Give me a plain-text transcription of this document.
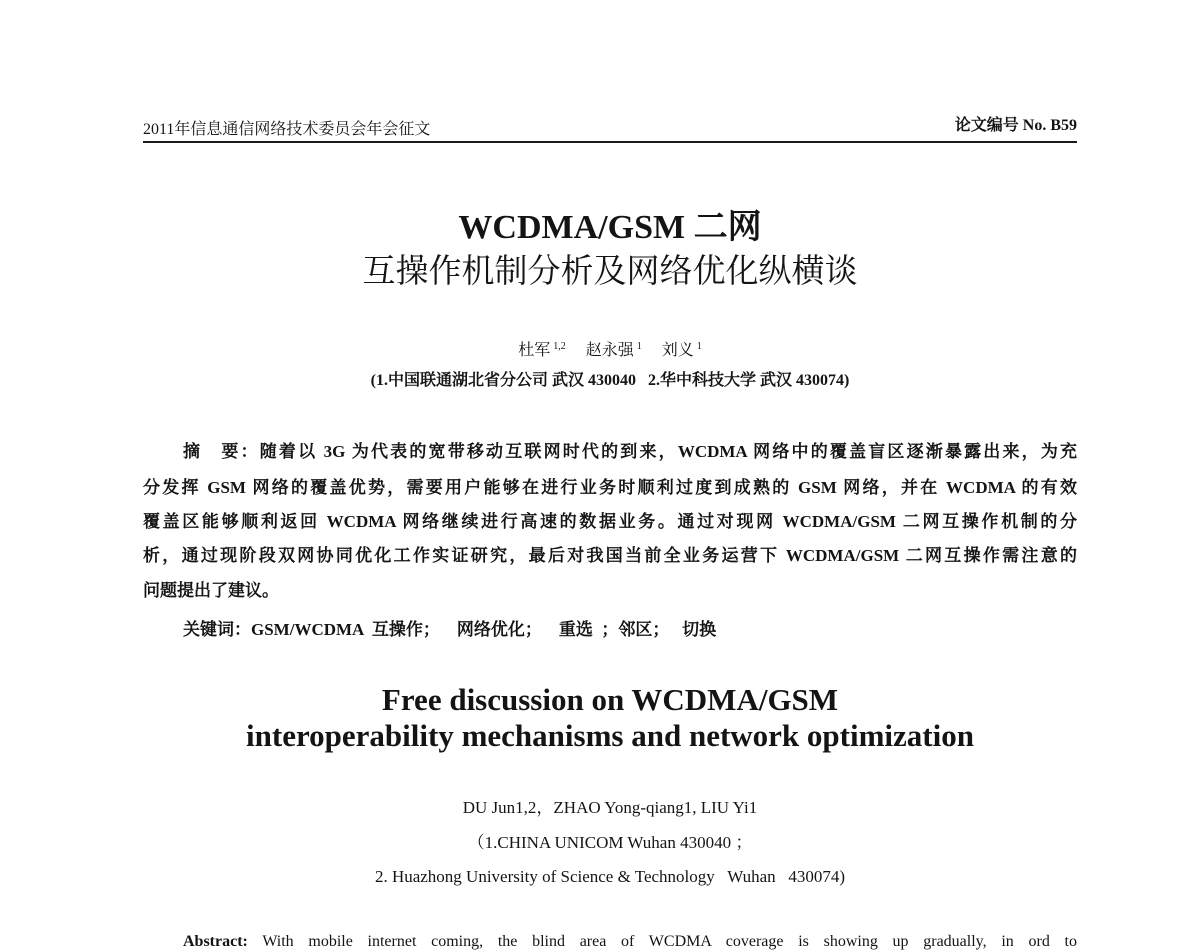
2011年信息通信网络技术委员会年会征文	论文编号 No. B59
WCDMA/GSM 二网
互操作机制分析及网络优化纵横谈
杜军 $^{1,2}$ 赵永强 $^1$ 刘义 $^1$
(1.中国联通湖北省分公司 武汉 430040   2.华中科技大学 武汉 430074)
摘　要：随着以 3G 为代表的宽带移动互联网时代的到来，WCDMA 网络中的覆盖盲区逐渐暴露出来，为充
分发挥 GSM 网络的覆盖优势，需要用户能够在进行业务时顺利过度到成熟的 GSM 网络，并在 WCDMA 的有效
覆盖区能够顺利返回 WCDMA 网络继续进行高速的数据业务。通过对现网 WCDMA/GSM 二网互操作机制的分
析，通过现阶段双网协同优化工作实证研究，最后对我国当前全业务运营下 WCDMA/GSM 二网互操作需注意的
问题提出了建议。
关键词：GSM/WCDMA  互操作；    网络优化；    重选  ；邻区；   切换
Free discussion on WCDMA/GSM
interoperability mechanisms and network optimization
DU Jun1,2，ZHAO Yong-qiang1, LIU Yi1
（1.CHINA UNICOM Wuhan 430040 ；
2. Huazhong University of Science & Technology   Wuhan   430074)
Abstract: With mobile internet coming, the blind area of WCDMA coverage is showing up gradually, in ord to
